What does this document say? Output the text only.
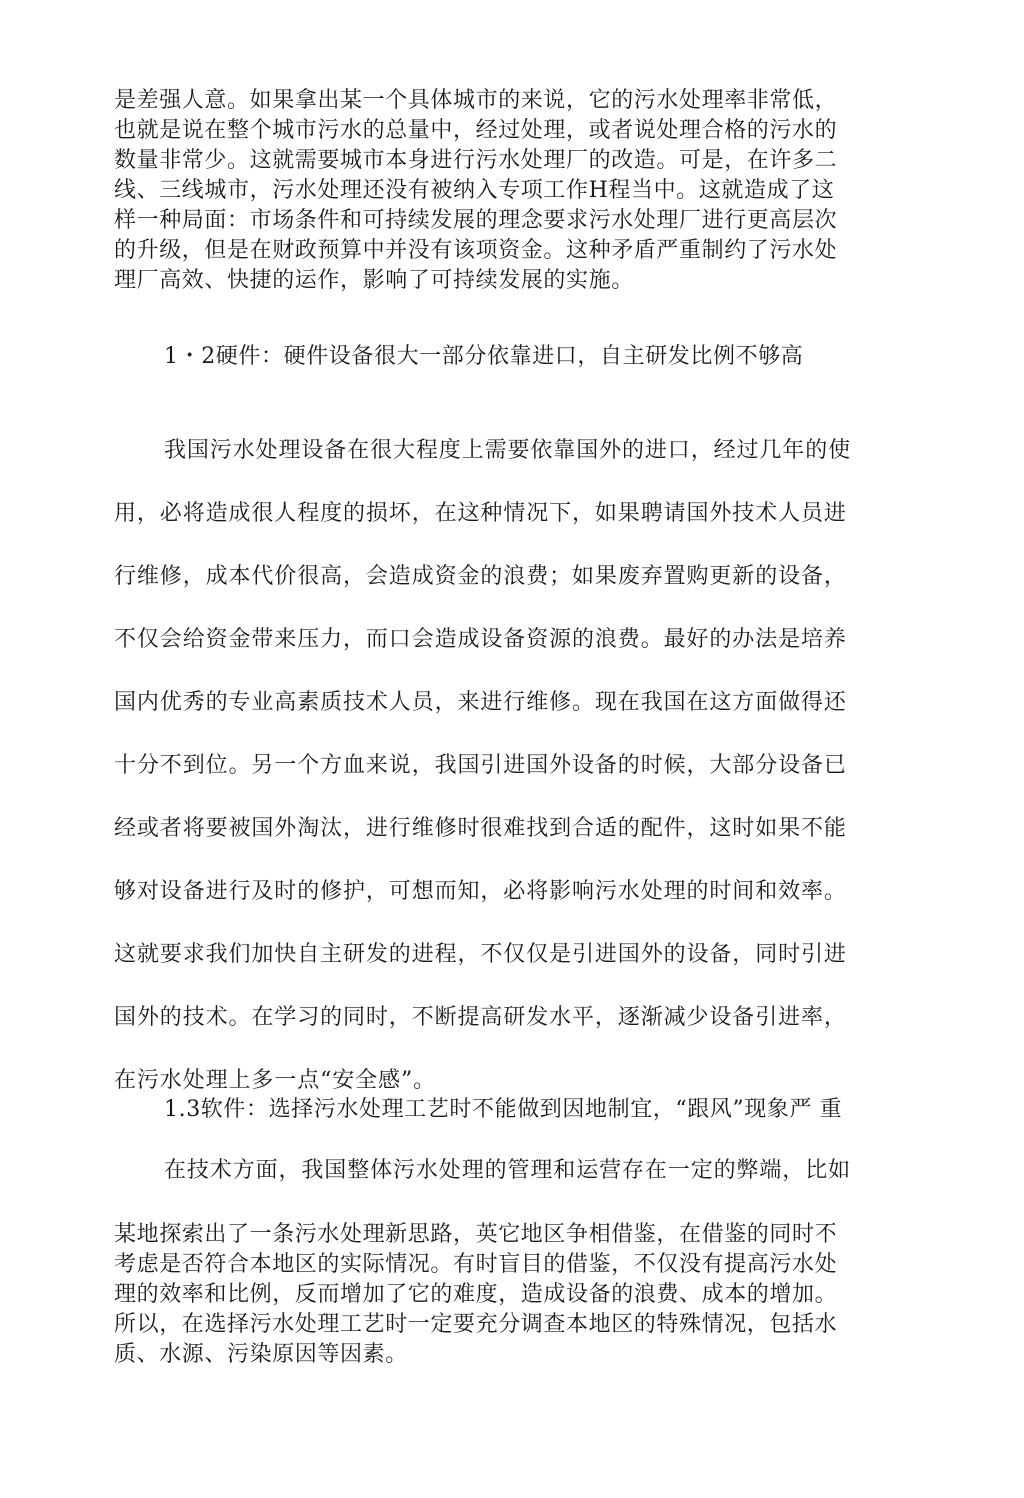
是差强人意。如果拿出某一个具体城市的来说，它的污水处理率非常低，
也就是说在整个城市污水的总量中，经过处理，或者说处理合格的污水的
数量非常少。这就需要城市本身进行污水处理厂的改造。可是，在许多二
线、三线城市，污水处理还没有被纳入专项工作H程当中。这就造成了这
样一种局面：市场条件和可持续发展的理念要求污水处理厂进行更高层次
的升级，但是在财政预算中并没有该项资金。这种矛盾严重制约了污水处
理厂高效、快捷的运作，影响了可持续发展的实施。
1・2硬件：硬件设备很大一部分依靠进口，自主研发比例不够高
我国污水处理设备在很大程度上需要依靠国外的进口，经过几年的使
用，必将造成很人程度的损坏，在这种情况下，如果聘请国外技术人员进
行维修，成本代价很高，会造成资金的浪费；如果废弃置购更新的设备，
不仅会给资金带来压力，而口会造成设备资源的浪费。最好的办法是培养
国内优秀的专业高素质技术人员，来进行维修。现在我国在这方面做得还
十分不到位。另一个方血来说，我国引进国外设备的时候，大部分设备已
经或者将要被国外淘汰，进行维修时很难找到合适的配件，这时如果不能
够对设备进行及时的修护，可想而知，必将影响污水处理的时间和效率。
这就要求我们加快自主研发的进程，不仅仅是引进国外的设备，同时引进
国外的技术。在学习的同时，不断提高研发水平，逐渐减少设备引进率，
在污水处理上多一点“安全感”。
1.3软件：选择污水处理工艺时不能做到因地制宜，“跟风”现象严 重
在技术方面，我国整体污水处理的管理和运营存在一定的弊端，比如
某地探索出了一条污水处理新思路，英它地区争相借鉴，在借鉴的同时不
考虑是否符合本地区的实际情况。有时盲目的借鉴，不仅没有提高污水处
理的效率和比例，反而增加了它的难度，造成设备的浪费、成本的增加。
所以，在选择污水处理工艺时一定要充分调查本地区的特殊情况，包括水
质、水源、污染原因等因素。
